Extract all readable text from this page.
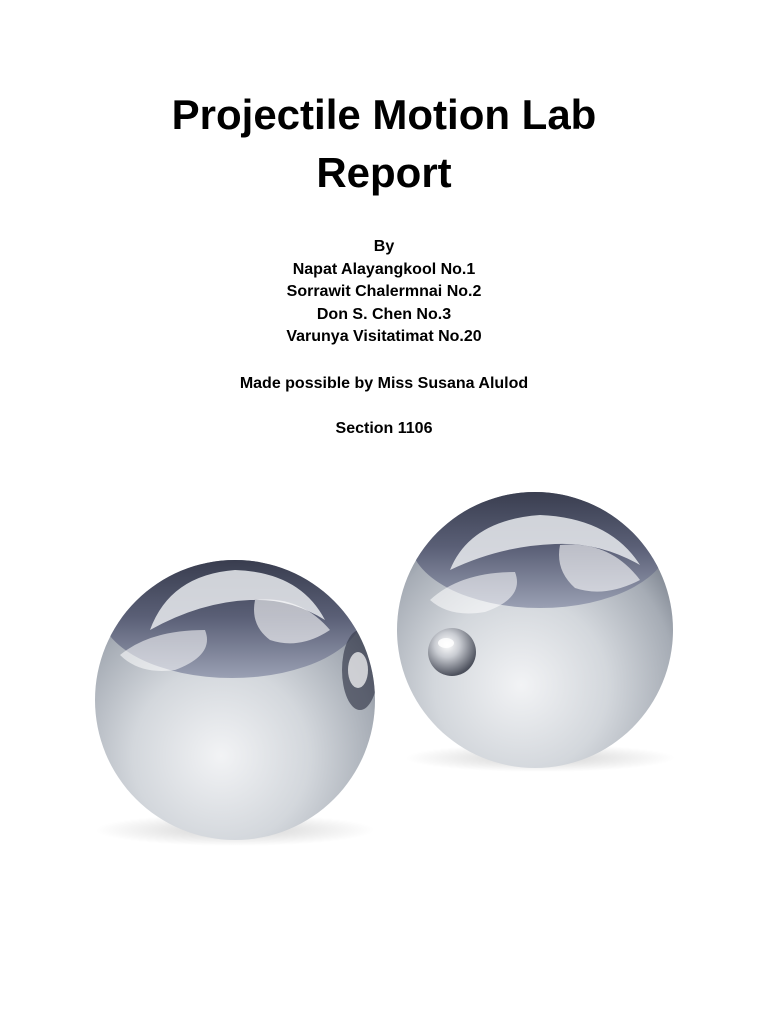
Projectile Motion Lab
Report
By
Napat Alayangkool No.1
Sorrawit Chalermnai No.2
Don S. Chen No.3
Varunya Visitatimat No.20
Made possible by Miss Susana Alulod
Section 1106
